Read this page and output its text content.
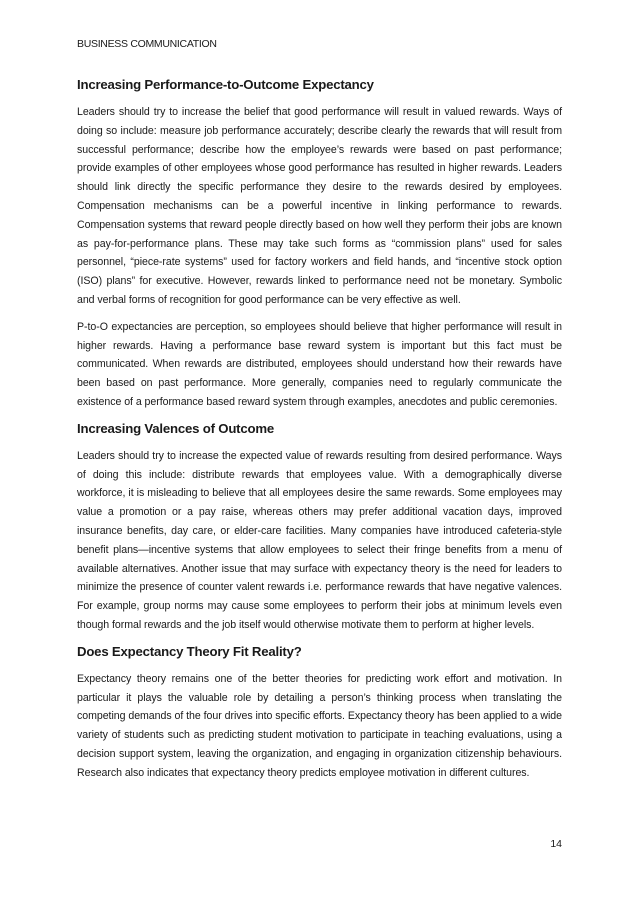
BUSINESS COMMUNICATION
Increasing Performance-to-Outcome Expectancy

Leaders should try to increase the belief that good performance will result in valued rewards. Ways of doing so include: measure job performance accurately; describe clearly the rewards that will result from successful performance; describe how the employee’s rewards were based on past performance; provide examples of other employees whose good performance has resulted in higher rewards. Leaders should link directly the specific performance they desire to the rewards desired by employees. Compensation mechanisms can be a powerful incentive in linking performance to rewards. Compensation systems that reward people directly based on how well they perform their jobs are known as pay-for-performance plans. These may take such forms as “commission plans” used for sales personnel, “piece-rate systems” used for factory workers and field hands, and “incentive stock option (ISO) plans” for executive. However, rewards linked to performance need not be monetary. Symbolic and verbal forms of recognition for good performance can be very effective as well.

P-to-O expectancies are perception, so employees should believe that higher performance will result in higher rewards. Having a performance base reward system is important but this fact must be communicated. When rewards are distributed, employees should understand how their rewards have been based on past performance. More generally, companies need to regularly communicate the existence of a performance based reward system through examples, anecdotes and public ceremonies.

Increasing Valences of Outcome

Leaders should try to increase the expected value of rewards resulting from desired performance. Ways of doing this include: distribute rewards that employees value. With a demographically diverse workforce, it is misleading to believe that all employees desire the same rewards. Some employees may value a promotion or a pay raise, whereas others may prefer additional vacation days, improved insurance benefits, day care, or elder-care facilities. Many companies have introduced cafeteria-style benefit plans—incentive systems that allow employees to select their fringe benefits from a menu of available alternatives. Another issue that may surface with expectancy theory is the need for leaders to minimize the presence of counter valent rewards i.e. performance rewards that have negative valences. For example, group norms may cause some employees to perform their jobs at minimum levels even though formal rewards and the job itself would otherwise motivate them to perform at higher levels.

Does Expectancy Theory Fit Reality?

Expectancy theory remains one of the better theories for predicting work effort and motivation. In particular it plays the valuable role by detailing a person’s thinking process when translating the competing demands of the four drives into specific efforts. Expectancy theory has been applied to a wide variety of students such as predicting student motivation to participate in teaching evaluations, using a decision support system, leaving the organization, and engaging in organization citizenship behaviours. Research also indicates that expectancy theory predicts employee motivation in different cultures.

14
